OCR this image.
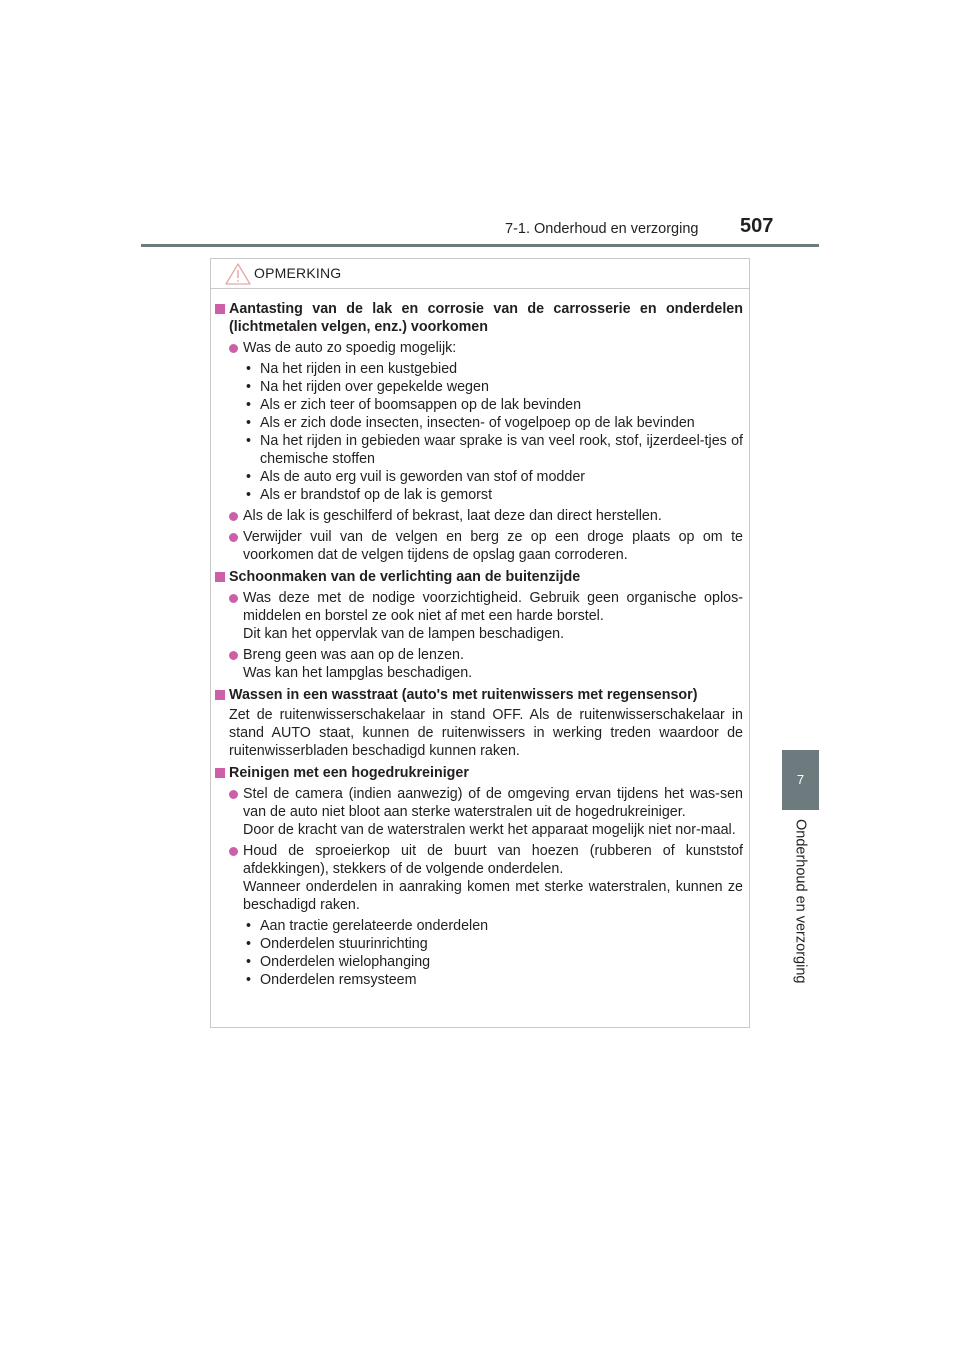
7-1. Onderhoud en verzorging 507
7
Onderhoud en verzorging
OPMERKING
Aantasting van de lak en corrosie van de carrosserie en onderdelen (lichtmetalen velgen, enz.) voorkomen
Was de auto zo spoedig mogelijk:
• Na het rijden in een kustgebied
• Na het rijden over gepekelde wegen
• Als er zich teer of boomsappen op de lak bevinden
• Als er zich dode insecten, insecten- of vogelpoep op de lak bevinden
• Na het rijden in gebieden waar sprake is van veel rook, stof, ijzerdeel-tjes of chemische stoffen
• Als de auto erg vuil is geworden van stof of modder
• Als er brandstof op de lak is gemorst
Als de lak is geschilferd of bekrast, laat deze dan direct herstellen.
Verwijder vuil van de velgen en berg ze op een droge plaats op om te voorkomen dat de velgen tijdens de opslag gaan corroderen.
Schoonmaken van de verlichting aan de buitenzijde
Was deze met de nodige voorzichtigheid. Gebruik geen organische oplos-middelen en borstel ze ook niet af met een harde borstel.
Dit kan het oppervlak van de lampen beschadigen.
Breng geen was aan op de lenzen.
Was kan het lampglas beschadigen.
Wassen in een wasstraat (auto's met ruitenwissers met regensensor)
Zet de ruitenwisserschakelaar in stand OFF. Als de ruitenwisserschakelaar in stand AUTO staat, kunnen de ruitenwissers in werking treden waardoor de ruitenwisserbladen beschadigd kunnen raken.
Reinigen met een hogedrukreiniger
Stel de camera (indien aanwezig) of de omgeving ervan tijdens het was-sen van de auto niet bloot aan sterke waterstralen uit de hogedrukreiniger.
Door de kracht van de waterstralen werkt het apparaat mogelijk niet nor-maal.
Houd de sproeierkop uit de buurt van hoezen (rubberen of kunststof afdekkingen), stekkers of de volgende onderdelen.
Wanneer onderdelen in aanraking komen met sterke waterstralen, kunnen ze beschadigd raken.
• Aan tractie gerelateerde onderdelen
• Onderdelen stuurinrichting
• Onderdelen wielophanging
• Onderdelen remsysteem
